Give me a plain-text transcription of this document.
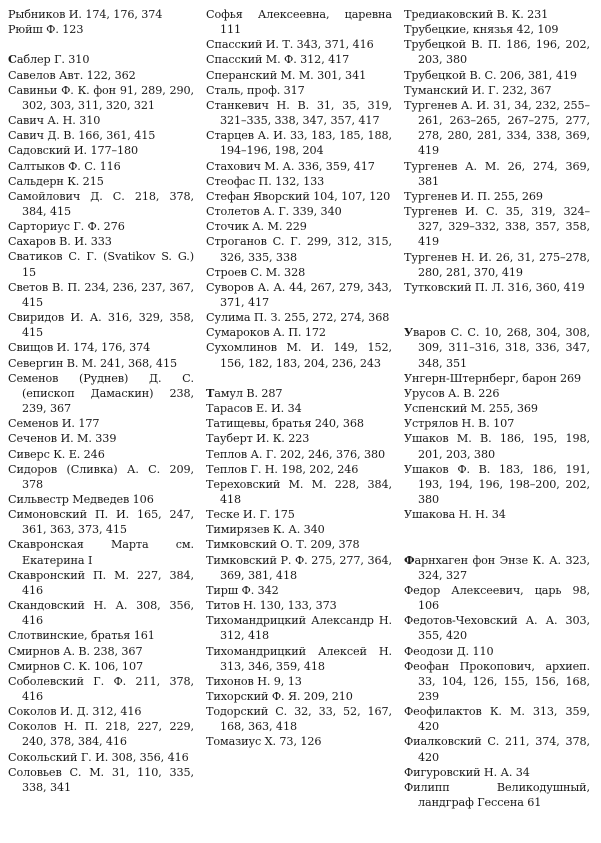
Рыбников И. 174, 176, 374
Рюйш Ф. 123
Саблер Г. 310
Савелов Авт. 122, 362
Савиньи Ф. К. фон 91, 289, 290, 302, 303, 311, 320, 321
Савич А. Н. 310
Савич Д. В. 166, 361, 415
Садовский И. 177–180
Салтыков Ф. С. 116
Сальдерн К. 215
Самойлович Д. С. 218, 378, 384, 415
Сарториус Г. Ф. 276
Сахаров В. И. 333
Сватиков С. Г. (Svatikov S. G.) 15
Светов В. П. 234, 236, 237, 367, 415
Свиридов И. А. 316, 329, 358, 415
Свищов И. 174, 176, 374
Севергин В. М. 241, 368, 415
Семенов (Руднев) Д. С. (епископ Дамаскин) 238, 239, 367
Семенов И. 177
Сеченов И. М. 339
Сиверс К. Е. 246
Сидоров (Сливка) А. С. 209, 378
Сильвестр Медведев 106
Симоновский П. И. 165, 247, 361, 363, 373, 415
Скавронская Марта см. Екатерина I
Скавронский П. М. 227, 384, 416
Скандовский Н. А. 308, 356, 416
Слотвинские, братья 161
Смирнов А. В. 238, 367
Смирнов С. К. 106, 107
Соболевский Г. Ф. 211, 378, 416
Соколов И. Д. 312, 416
Соколов Н. П. 218, 227, 229, 240, 378, 384, 416
Сокольский Г. И. 308, 356, 416
Соловьев С. М. 31, 110, 335, 338, 341
Софья Алексеевна, царевна 111
Спасский И. Т. 343, 371, 416
Спасский М. Ф. 312, 417
Сперанский М. М. 301, 341
Сталь, проф. 317
Станкевич Н. В. 31, 35, 319, 321–335, 338, 347, 357, 417
Старцев А. И. 33, 183, 185, 188, 194–196, 198, 204
Стахович М. А. 336, 359, 417
Стеофас П. 132, 133
Стефан Яворский 104, 107, 120
Столетов А. Г. 339, 340
Сточик А. М. 229
Строганов С. Г. 299, 312, 315, 326, 335, 338
Строев С. М. 328
Суворов А. А. 44, 267, 279, 343, 371, 417
Сулима П. З. 255, 272, 274, 368
Сумароков А. П. 172
Сухомлинов М. И. 149, 152, 156, 182, 183, 204, 236, 243
Тамул В. 287
Тарасов Е. И. 34
Татищевы, братья 240, 368
Тауберт И. К. 223
Теплов А. Г. 202, 246, 376, 380
Теплов Г. Н. 198, 202, 246
Тереховский М. М. 228, 384, 418
Теске И. Г. 175
Тимирязев К. А. 340
Тимковский О. Т. 209, 378
Тимковский Р. Ф. 275, 277, 364, 369, 381, 418
Тирш Ф. 342
Титов Н. 130, 133, 373
Тихомандрицкий Александр Н. 312, 418
Тихомандрицкий Алексей Н. 313, 346, 359, 418
Тихонов Н. 9, 13
Тихорский Ф. Я. 209, 210
Тодорский С. 32, 33, 52, 167, 168, 363, 418
Томазиус Х. 73, 126
Тредиаковский В. К. 231
Трубецкие, князья 42, 109
Трубецкой В. П. 186, 196, 202, 203, 380
Трубецкой В. С. 206, 381, 419
Туманский И. Г. 232, 367
Тургенев А. И. 31, 34, 232, 255–261, 263–265, 267–275, 277, 278, 280, 281, 334, 338, 369, 419
Тургенев А. М. 26, 274, 369, 381
Тургенев И. П. 255, 269
Тургенев И. С. 35, 319, 324–327, 329–332, 338, 357, 358, 419
Тургенев Н. И. 26, 31, 275–278, 280, 281, 370, 419
Тутковский П. Л. 316, 360, 419
Уваров С. С. 10, 268, 304, 308, 309, 311–316, 318, 336, 347, 348, 351
Унгерн-Штернберг, барон 269
Урусов А. В. 226
Успенский М. 255, 369
Устрялов Н. В. 107
Ушаков М. В. 186, 195, 198, 201, 203, 380
Ушаков Ф. В. 183, 186, 191, 193, 194, 196, 198–200, 202, 380
Ушакова Н. Н. 34
Фарнхаген фон Энзе К. А. 323, 324, 327
Федор Алексеевич, царь 98, 106
Федотов-Чеховский А. А. 303, 355, 420
Феодози Д. 110
Феофан Прокопович, архиеп. 33, 104, 126, 155, 156, 168, 239
Феофилактов К. М. 313, 359, 420
Фиалковский С. 211, 374, 378, 420
Фигуровский Н. А. 34
Филипп Великодушный, ландграф Гессена 61
